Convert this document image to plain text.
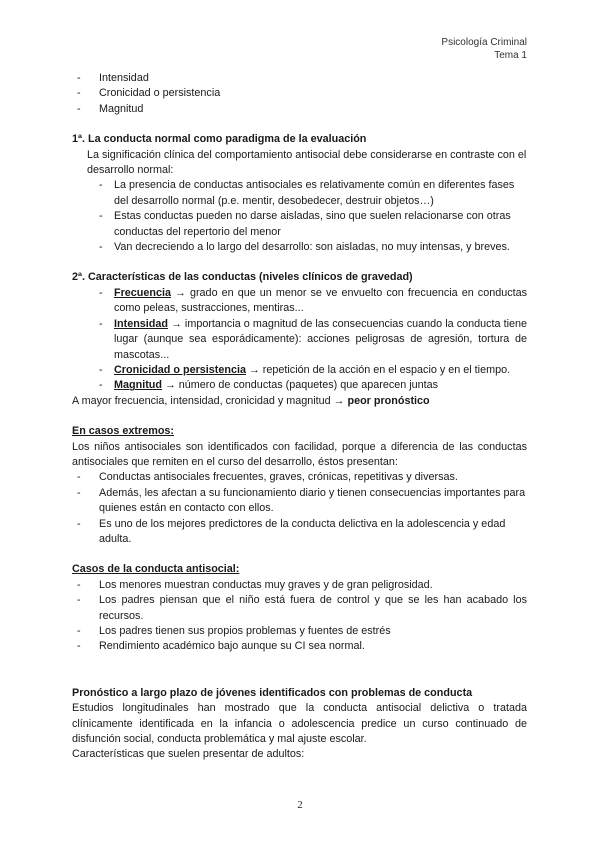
Psicología Criminal
Tema 1
- Intensidad
- Cronicidad o persistencia
- Magnitud
1ª. La conducta normal como paradigma de la evaluación

La significación clínica del comportamiento antisocial debe considerarse en contraste con el desarrollo normal:

- La presencia de conductas antisociales es relativamente común en diferentes fases del desarrollo normal (p.e. mentir, desobedecer, destruir objetos…)
- Estas conductas pueden no darse aisladas, sino que suelen relacionarse con otras conductas del repertorio del menor
- Van decreciendo a lo largo del desarrollo: son aisladas, no muy intensas, y breves.
2ª. Características de las conductas (niveles clínicos de gravedad)
- Frecuencia → grado en que un menor se ve envuelto con frecuencia en conductas como peleas, sustracciones, mentiras...
- Intensidad → importancia o magnitud de las consecuencias cuando la conducta tiene lugar (aunque sea esporádicamente): acciones peligrosas de agresión, tortura de mascotas...
- Cronicidad o persistencia → repetición de la acción en el espacio y en el tiempo.
- Magnitud → número de conductas (paquetes) que aparecen juntas

A mayor frecuencia, intensidad, cronicidad y magnitud → peor pronóstico

En casos extremos:

Los niños antisociales son identificados con facilidad, porque a diferencia de las conductas antisociales que remiten en el curso del desarrollo, éstos presentan:

- Conductas antisociales frecuentes, graves, crónicas, repetitivas y diversas.
- Además, les afectan a su funcionamiento diario y tienen consecuencias importantes para quienes están en contacto con ellos.
- Es uno de los mejores predictores de la conducta delictiva en la adolescencia y edad adulta.
Casos de la conducta antisocial:
- Los menores muestran conductas muy graves y de gran peligrosidad.
- Los padres piensan que el niño está fuera de control y que se les han acabado los recursos.
- Los padres tienen sus propios problemas y fuentes de estrés
- Rendimiento académico bajo aunque su CI sea normal.
Pronóstico a largo plazo de jóvenes identificados con problemas de conducta

Estudios longitudinales han mostrado que la conducta antisocial delictiva o tratada clínicamente identificada en la infancia o adolescencia predice un curso continuado de disfunción social, conducta problemática y mal ajuste escolar.

Características que suelen presentar de adultos:

2
